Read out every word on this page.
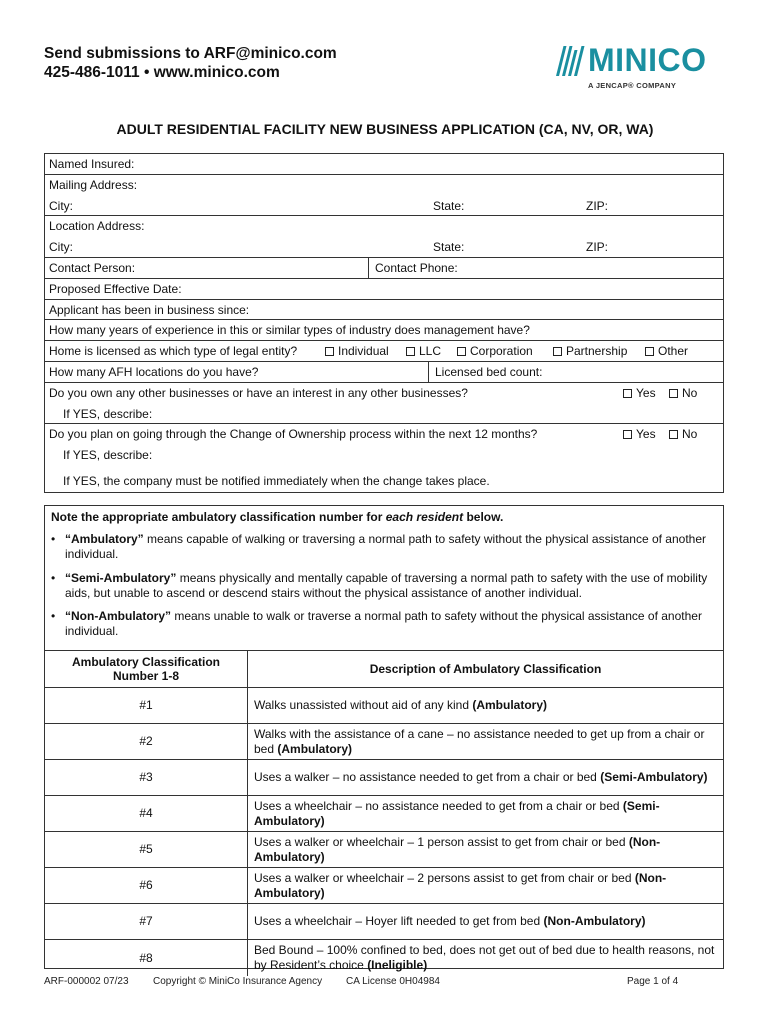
Send submissions to ARF@minico.com
425-486-1011 • www.minico.com	MINICO
A JENCAP® COMPANY
ADULT RESIDENTIAL FACILITY NEW BUSINESS APPLICATION (CA, NV, OR, WA)
Named Insured:
Mailing Address:
City:	State:	ZIP:
Location Address:
City:	State:	ZIP:
Contact Person:	Contact Phone:
Proposed Effective Date:
Applicant has been in business since:
How many years of experience in this or similar types of industry does management have?
Home is licensed as which type of legal entity?	Individual	LLC	Corporation	Partnership	Other
How many AFH locations do you have?	Licensed bed count:
Do you own any other businesses or have an interest in any other businesses?	Yes	No
If YES, describe:
Do you plan on going through the Change of Ownership process within the next 12 months?	Yes	No
If YES, describe:
If YES, the company must be notified immediately when the change takes place.
Note the appropriate ambulatory classification number for each resident below.
• “Ambulatory” means capable of walking or traversing a normal path to safety without the physical assistance of another individual.
• “Semi-Ambulatory” means physically and mentally capable of traversing a normal path to safety with the use of mobility aids, but unable to ascend or descend stairs without the physical assistance of another individual.
• “Non-Ambulatory” means unable to walk or traverse a normal path to safety without the physical assistance of another individual.
Ambulatory Classification Number 1-8	Description of Ambulatory Classification
#1	Walks unassisted without aid of any kind (Ambulatory)
#2	Walks with the assistance of a cane – no assistance needed to get up from a chair or bed (Ambulatory)
#3	Uses a walker – no assistance needed to get from a chair or bed (Semi-Ambulatory)
#4	Uses a wheelchair – no assistance needed to get from a chair or bed (Semi-Ambulatory)
#5	Uses a walker or wheelchair – 1 person assist to get from chair or bed (Non-Ambulatory)
#6	Uses a walker or wheelchair – 2 persons assist to get from chair or bed (Non-Ambulatory)
#7	Uses a wheelchair – Hoyer lift needed to get from bed (Non-Ambulatory)
#8	Bed Bound – 100% confined to bed, does not get out of bed due to health reasons, not by Resident’s choice (Ineligible)
ARF-000002 07/23 Copyright © MiniCo Insurance Agency CA License 0H04984	Page 1 of 4
